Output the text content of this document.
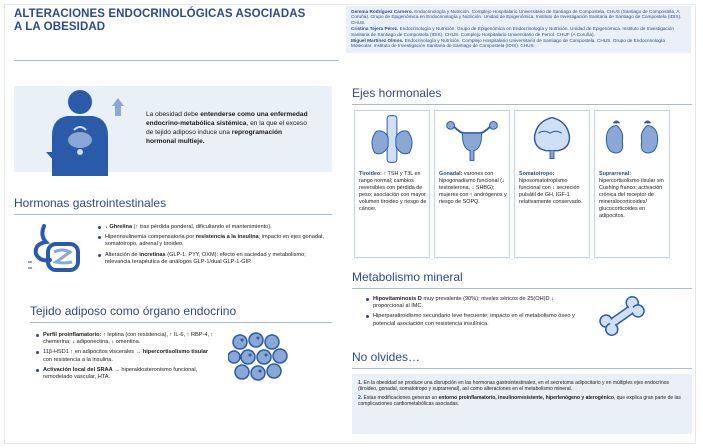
ALTERACIONES ENDOCRINOLÓGICAS ASOCIADAS
A LA OBESIDAD

Gemma Rodríguez Carnero. Endocrinología y Nutrición. Complejo Hospitalario Universitario de Santiago de Compostela. CHUS (Santiago de Compostela, A Coruña). Grupo de Epigenómica en Endocrinología y Nutrición. Unidad de Epigenómica. Instituto de Investigación Sanitaria de Santiago de Compostela (IDIS). CHUS.

Cristina Tejera Pérez. Endocrinología y Nutrición. Grupo de Epigenómica en Endocrinología y Nutrición. Unidad de Epigenómica. Instituto de Investigación Sanitaria de Santiago de Compostela (IDIS). CHUS. Complejo Hospitalario Universitario de Ferrol. CHUF (A Coruña).

Miguel Martínez Olmos. Endocrinología y Nutrición. Complejo Hospitalario Universitario de Santiago de Compostela. CHUS. Grupo de Endocrinología Molecular. Instituto de Investigación Sanitaria de Santiago de Compostela (IDIS). CHUS.

La obesidad debe entenderse como una enfermedad endocrino-metabólica sistémica, en la que el exceso de tejido adiposo induce una reprogramación hormonal multieje.
Hormonas gastrointestinales
↓ Ghrelina (↑ tras pérdida ponderal, dificultando el mantenimiento).
Hiperinsulinemia compensatoria por resistencia a la insulina; impacto en ejes gonadal, somatotropo, adrenal y tiroideo.
Alteración de incretinas (GLP-1, PYY, OXM): efecto en saciedad y metabolismo; relevancia terapéutica de análogos GLP-1/dual GLP-1-GIP.
Tejido adiposo como órgano endocrino
Perfil proinflamatorio: ↑ leptina (con resistencia), ↑ IL-6, ↑ RBP-4, ↑ chemerina; ↓ adiponectina, ↓ omentina.
11β-HSD1 ↑ en adipocitos viscerales → hipercortisolismo tisular con resistencia a la insulina.
Activación local del SRAA → hiperaldosteronismo funcional, remodelado vascular, HTA.
Ejes hormonales
Tiroideo: ↑ TSH y T3L en rango normal; cambios reversibles con pérdida de peso; asociación con mayor volumen tiroideo y riesgo de cáncer.
Gonadal: varones con hipogonadismo funcional (↓ testosterona, ↓ SHBG); mujeres con ↑ andrógenos y riesgo de SOPQ.
Somatotropo: hiposomatotropismo funcional con ↓ secreción pulsátil de GH, IGF-1 relativamente conservado.
Suprarrenal: hipercortisolismo tisular sin Cushing franco; activación crónica del receptor de mineralocorticoides/ glucocorticoides en adipocitos.
Metabolismo mineral
Hipovitaminosis D muy prevalente (90%); niveles séricos de 25(OH)D ↓ proporcional al IMC.
Hiperparatiroidismo secundario leve frecuente; impacto en el metabolismo óseo y potencial asociación con resistencia insulínica.
No olvides…
1. En la obesidad se produce una disrupción en las hormonas gastrointestinales, en el secretoma adipocitario y en múltiples ejes endocrinos (tiroideo, gonadal, somatotropo y suprarrenal), así como alteraciones en el metabolismo mineral.
2. Estas modificaciones generan un entorno proinflamatorio, insulinorresistente, hiperlenógeno y aterogénico, que explica gran parte de las complicaciones cardiometabólicas asociadas.
